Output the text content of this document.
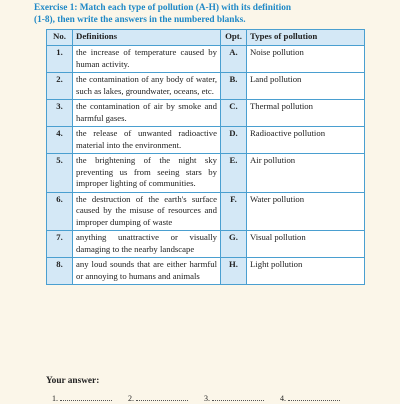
Exercise 1: Match each type of pollution (A-H) with its definition
(1-8), then write the answers in the numbered blanks.

No.	Definitions	Opt.	Types of pollution
1.	the increase of temperature caused by human activity.	A.	Noise pollution
2.	the contamination of any body of water, such as lakes, groundwater, oceans, etc.	B.	Land pollution
3.	the contamination of air by smoke and harmful gases.	C.	Thermal pollution
4.	the release of unwanted radioactive material into the environment.	D.	Radioactive pollution
5.	the brightening of the night sky preventing us from seeing stars by improper lighting of communities.	E.	Air pollution
6.	the destruction of the earth's surface caused by the misuse of resources and improper dumping of waste	F.	Water pollution
7.	anything unattractive or visually damaging to the nearby landscape	G.	Visual pollution
8.	any loud sounds that are either harmful or annoying to humans and animals	H.	Light pollution

Your answer:

1.	2.	3.	4.
